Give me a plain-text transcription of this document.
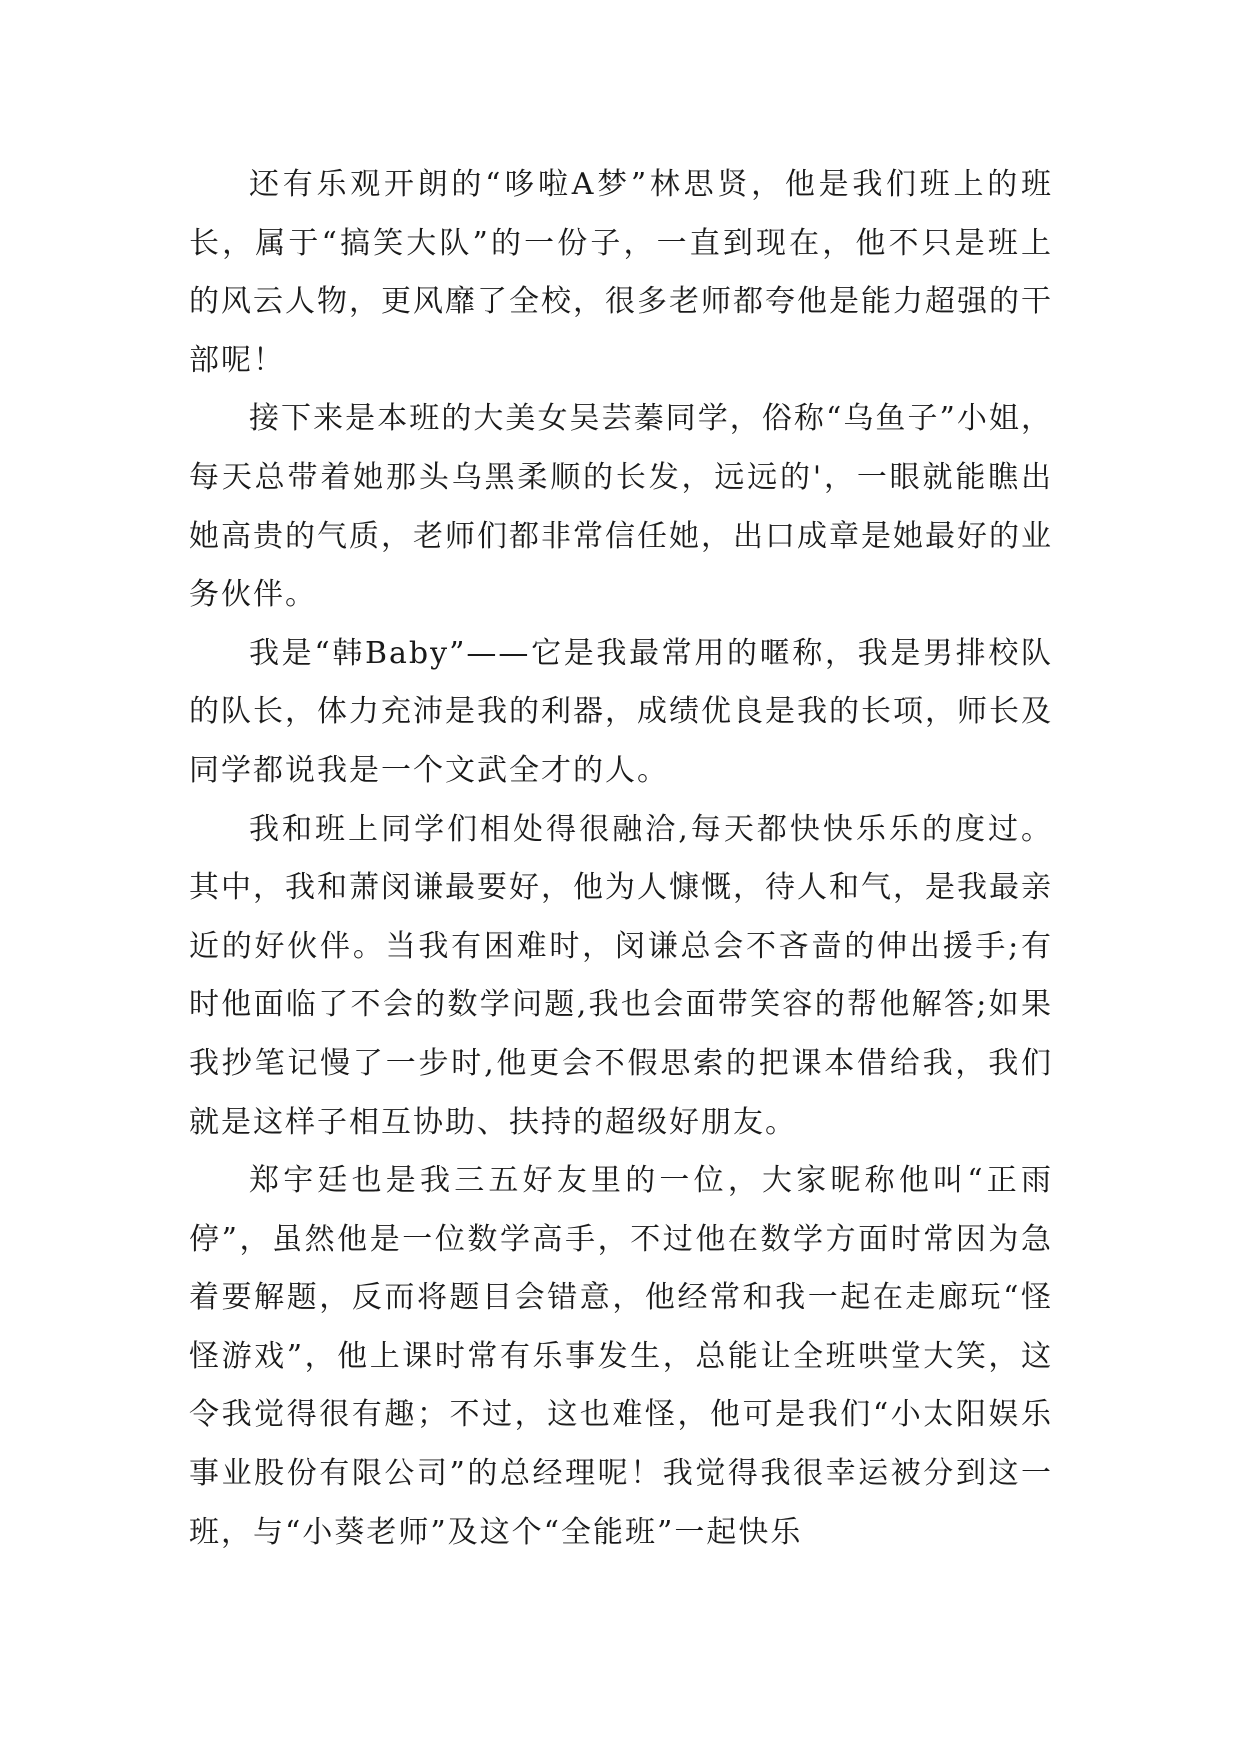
还有乐观开朗的“哆啦A梦”林思贤，他是我们班上的班长，属于“搞笑大队”的一份子，一直到现在，他不只是班上的风云人物，更风靡了全校，很多老师都夸他是能力超强的干部呢！

接下来是本班的大美女吴芸蓁同学，俗称“乌鱼子”小姐，每天总带着她那头乌黑柔顺的长发，远远的'，一眼就能瞧出她高贵的气质，老师们都非常信任她，出口成章是她最好的业务伙伴。

我是“韩Baby”——它是我最常用的暱称，我是男排校队的队长，体力充沛是我的利器，成绩优良是我的长项，师长及同学都说我是一个文武全才的人。

我和班上同学们相处得很融洽,每天都快快乐乐的度过。其中，我和萧闵谦最要好，他为人慷慨，待人和气，是我最亲近的好伙伴。当我有困难时，闵谦总会不吝啬的伸出援手;有时他面临了不会的数学问题,我也会面带笑容的帮他解答;如果我抄笔记慢了一步时,他更会不假思索的把课本借给我，我们就是这样子相互协助、扶持的超级好朋友。

郑宇廷也是我三五好友里的一位，大家昵称他叫“正雨停”，虽然他是一位数学高手，不过他在数学方面时常因为急着要解题，反而将题目会错意，他经常和我一起在走廊玩“怪怪游戏”，他上课时常有乐事发生，总能让全班哄堂大笑，这令我觉得很有趣；不过，这也难怪，他可是我们“小太阳娱乐事业股份有限公司”的总经理呢！我觉得我很幸运被分到这一班，与“小葵老师”及这个“全能班”一起快乐
